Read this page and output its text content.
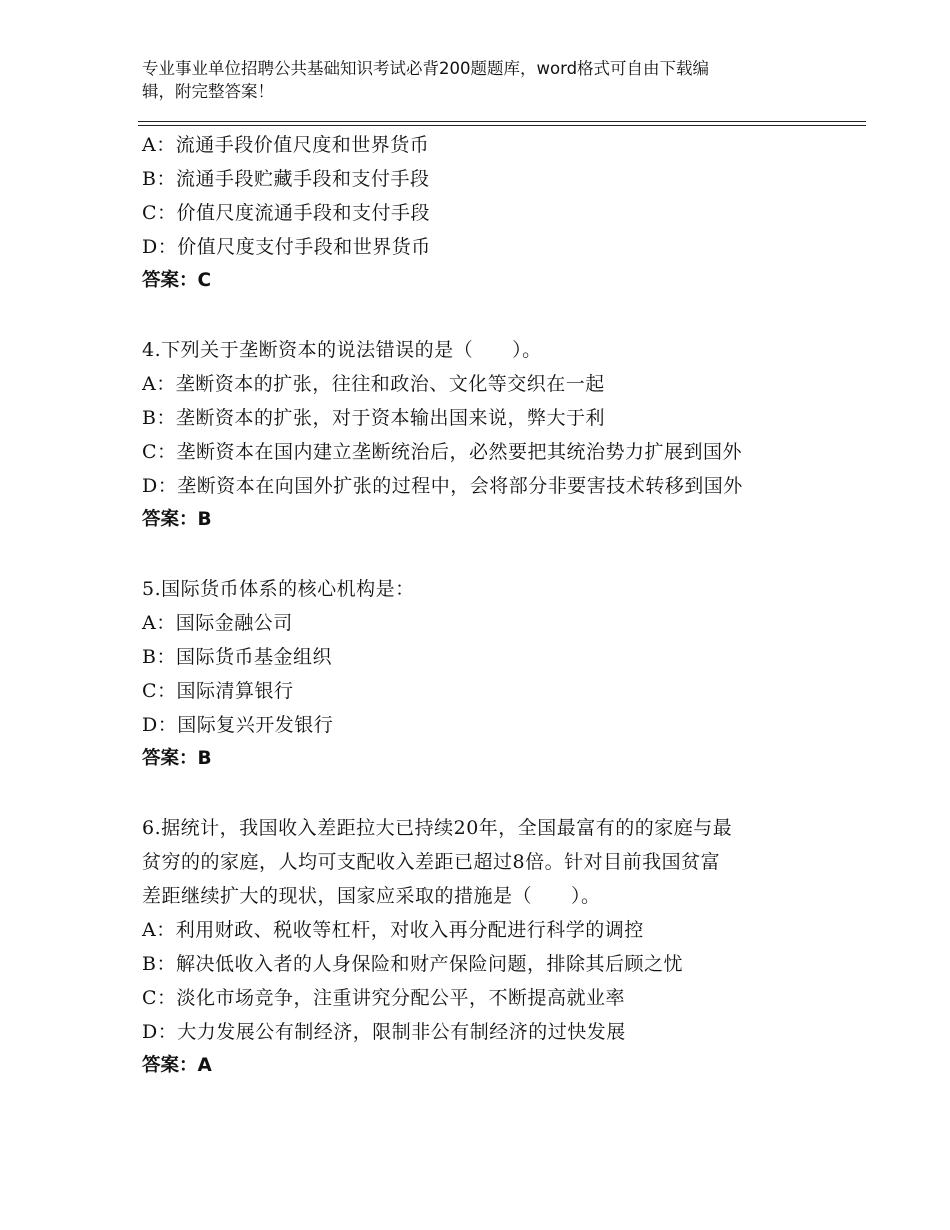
专业事业单位招聘公共基础知识考试必背200题题库，word格式可自由下载编
辑，附完整答案！
A：流通手段价值尺度和世界货币
B：流通手段贮藏手段和支付手段
C：价值尺度流通手段和支付手段
D：价值尺度支付手段和世界货币
答案：C
4.下列关于垄断资本的说法错误的是（　　）。
A：垄断资本的扩张，往往和政治、文化等交织在一起
B：垄断资本的扩张，对于资本输出国来说，弊大于利
C：垄断资本在国内建立垄断统治后，必然要把其统治势力扩展到国外
D：垄断资本在向国外扩张的过程中，会将部分非要害技术转移到国外
答案：B
5.国际货币体系的核心机构是：
A：国际金融公司
B：国际货币基金组织
C：国际清算银行
D：国际复兴开发银行
答案：B
6.据统计，我国收入差距拉大已持续20年，全国最富有的的家庭与最
贫穷的的家庭，人均可支配收入差距已超过8倍。针对目前我国贫富
差距继续扩大的现状，国家应采取的措施是（　　）。
A：利用财政、税收等杠杆，对收入再分配进行科学的调控
B：解决低收入者的人身保险和财产保险问题，排除其后顾之忧
C：淡化市场竞争，注重讲究分配公平，不断提高就业率
D：大力发展公有制经济，限制非公有制经济的过快发展
答案：A
